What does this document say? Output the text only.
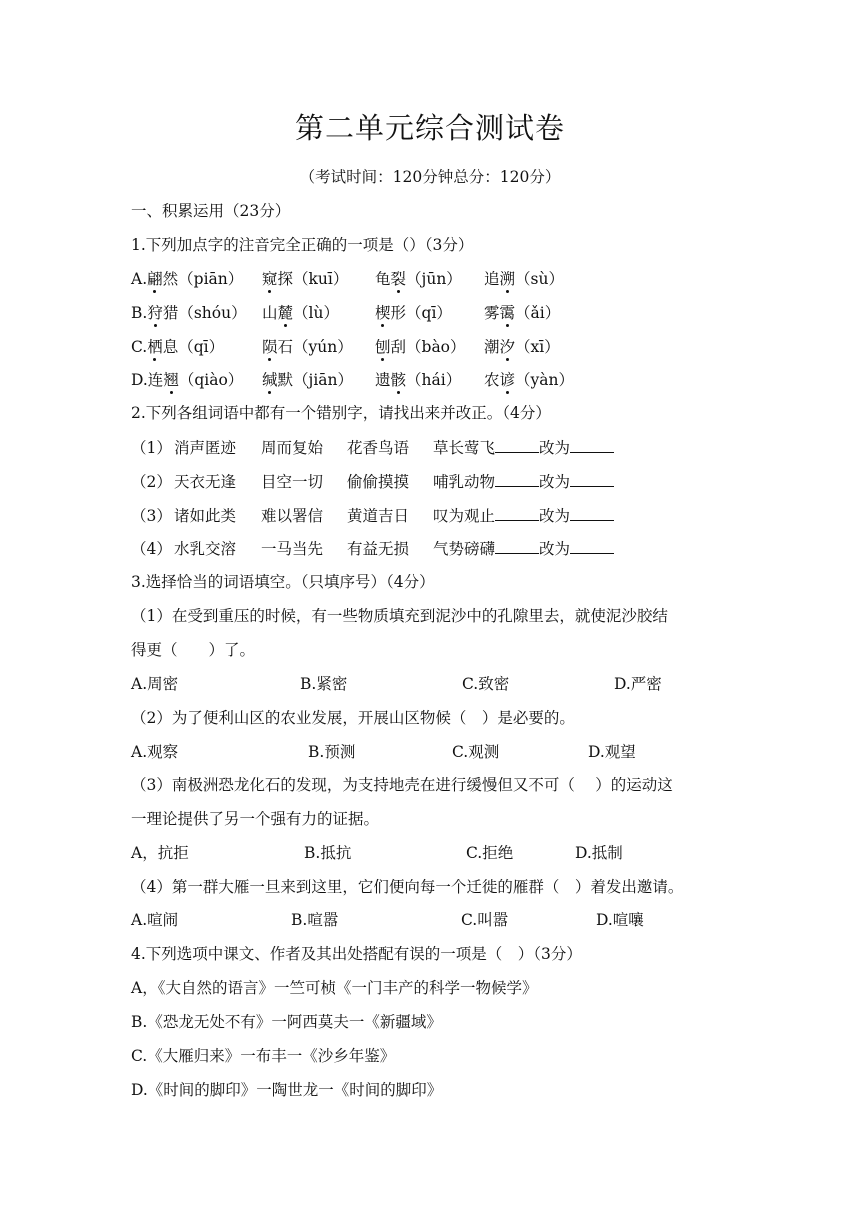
第二单元综合测试卷
（考试时间：120分钟总分：120分）
一、积累运用（23分）
1.下列加点字的注音完全正确的一项是（）（3分）
A.翩然（piān） 窥探（kuī） 龟裂（jūn） 追溯（sù）
B.狩猎（shóu） 山麓（lù） 楔形（qī） 雾霭（ǎi）
C.栖息（qī） 陨石（yún） 刨刮（bào） 潮汐（xī）
D.连翘（qiào） 缄默（jiān） 遗骸（hái） 农谚（yàn）
2.下列各组词语中都有一个错别字，请找出来并改正。（4分）
（1） 消声匿迹 周而复始 花香鸟语 草长莺飞	改为
（2） 天衣无逢 目空一切 偷偷摸摸 哺乳动物	改为
（3） 诸如此类 难以署信 黄道吉日 叹为观止	改为
（4） 水乳交溶 一马当先 有益无损 气势磅礴	改为
3.选择恰当的词语填空。（只填序号）（4分）
（1）在受到重压的时候，有一些物质填充到泥沙中的孔隙里去，就使泥沙胶结
得更（　　）了。
A.周密	B.紧密	C.致密	D.严密
（2）为了便利山区的农业发展，开展山区物候（　）是必要的。
A.观察	B.预测	C.观测	D.观望
（3）南极洲恐龙化石的发现，为支持地壳在进行缓慢但又不可（　 ）的运动这
一理论提供了另一个强有力的证据。
A，抗拒	B.抵抗	C.拒绝	D.抵制
（4）第一群大雁一旦来到这里，它们便向每一个迁徙的雁群（　）着发出邀请。
A.喧闹	B.喧嚣	C.叫嚣	D.喧嚷
4.下列选项中课文、作者及其出处搭配有误的一项是（　）（3分）
A，《大自然的语言》一竺可桢《一门丰产的科学一物候学》
B.《恐龙无处不有》一阿西莫夫一《新疆域》
C.《大雁归来》一布丰一《沙乡年鉴》
D.《时间的脚印》一陶世龙一《时间的脚印》
